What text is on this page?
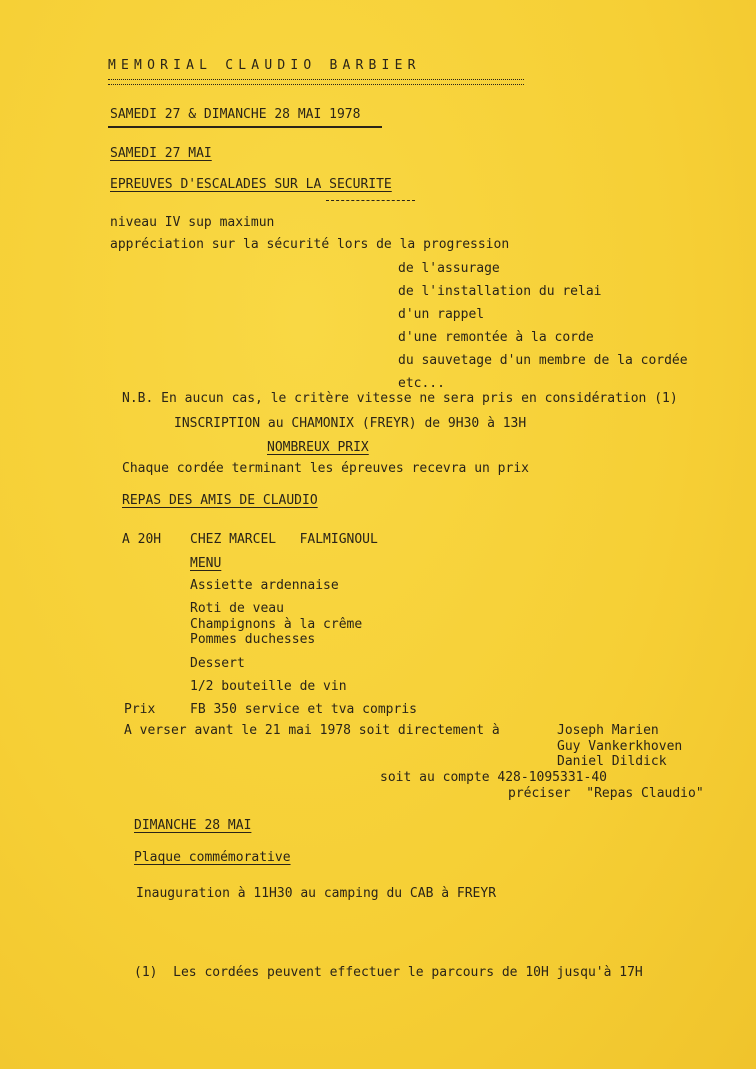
MEMORIAL CLAUDIO BARBIER
SAMEDI 27 & DIMANCHE 28 MAI 1978
SAMEDI 27 MAI
EPREUVES D'ESCALADES SUR LA SECURITE
niveau IV sup maximun
appréciation sur la sécurité lors de la progression
de l'assurage
de l'installation du relai
d'un rappel
d'une remontée à la corde
du sauvetage d'un membre de la cordée
etc...
N.B. En aucun cas, le critère vitesse ne sera pris en considération (1)
INSCRIPTION au CHAMONIX (FREYR) de 9H30 à 13H
NOMBREUX PRIX
Chaque cordée terminant les épreuves recevra un prix
REPAS DES AMIS DE CLAUDIO
A 20H CHEZ MARCEL   FALMIGNOUL
MENU
Assiette ardennaise
Roti de veau
Champignons à la crême
Pommes duchesses
Dessert
1/2 bouteille de vin
Prix	FB 350 service et tva compris
A verser avant le 21 mai 1978 soit directement à	Joseph Marien
Guy Vankerkhoven
Daniel Dildick
soit au compte 428-1095331-40
préciser  "Repas Claudio"
DIMANCHE 28 MAI
Plaque commémorative
Inauguration à 11H30 au camping du CAB à FREYR
(1)  Les cordées peuvent effectuer le parcours de 10H jusqu'à 17H
